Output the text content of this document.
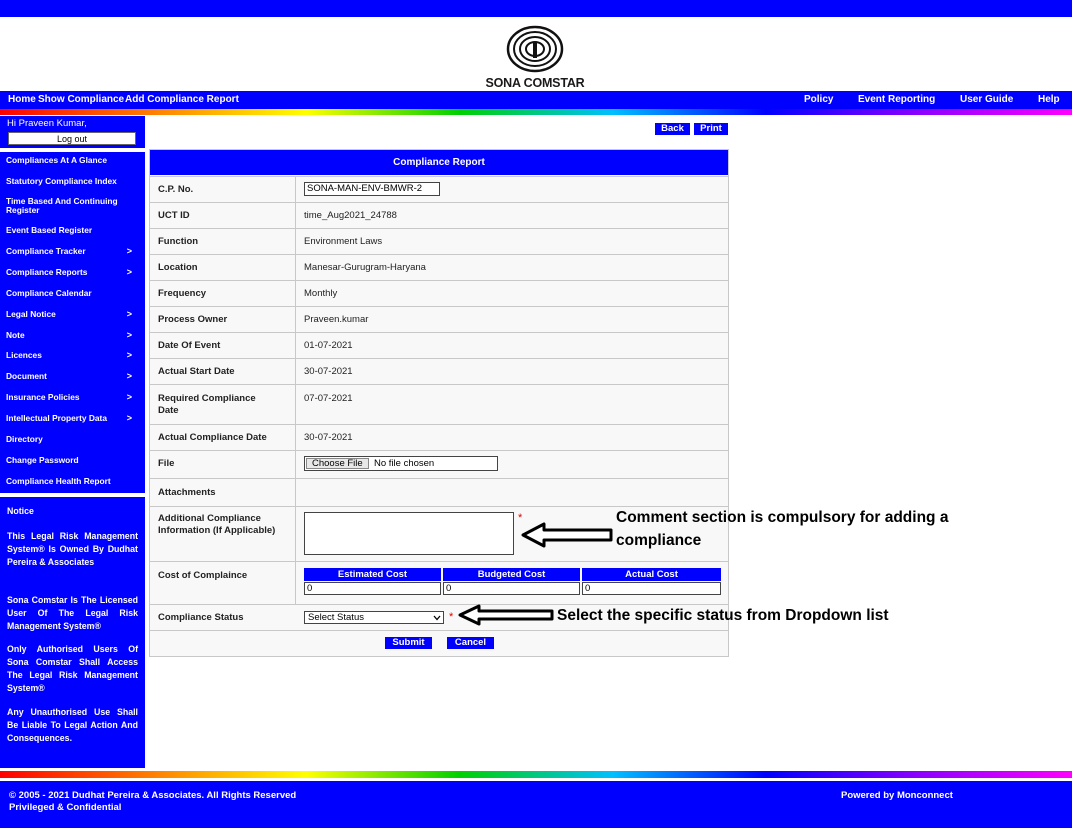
SONA COMSTAR
Home Show Compliance Add Compliance Report	Policy Event Reporting User Guide Help
Hi Praveen Kumar,
Log out
Compliances At A Glance
Statutory Compliance Index
Time Based And Continuing Register
Event Based Register
Compliance Tracker	>
Compliance Reports	>
Compliance Calendar
Legal Notice	>
Note	>
Licences	>
Document	>
Insurance Policies	>
Intellectual Property Data >
Directory
Change Password
Compliance Health Report
Notice
This Legal Risk Management System® Is Owned By Dudhat Pereira & Associates
Sona Comstar Is The Licensed User Of The Legal Risk Management System®
Only Authorised Users Of Sona Comstar Shall Access The Legal Risk Management System®
Any Unauthorised Use Shall Be Liable To Legal Action And Consequences.
Back	Print
Compliance Report
C.P. No.	SONA-MAN-ENV-BMWR-2
UCT ID	time_Aug2021_24788
Function	Environment Laws
Location	Manesar-Gurugram-Haryana
Frequency	Monthly
Process Owner	Praveen.kumar
Date Of Event	01-07-2021
Actual Start Date	30-07-2021
Required Compliance Date
07-07-2021
Actual Compliance Date	30-07-2021
File	Choose File	No file chosen
Attachments
Additional Compliance Information (If Applicable)
*
Cost of Complaince	Estimated Cost	Budgeted Cost	Actual Cost
0	0	0
Compliance Status	Select Status	*
Submit	Cancel
Comment section is compulsory for adding a
compliance
Select the specific status from Dropdown list
© 2005 - 2021 Dudhat Pereira & Associates. All Rights Reserved
Privileged & Confidential
Powered by Monconnect
